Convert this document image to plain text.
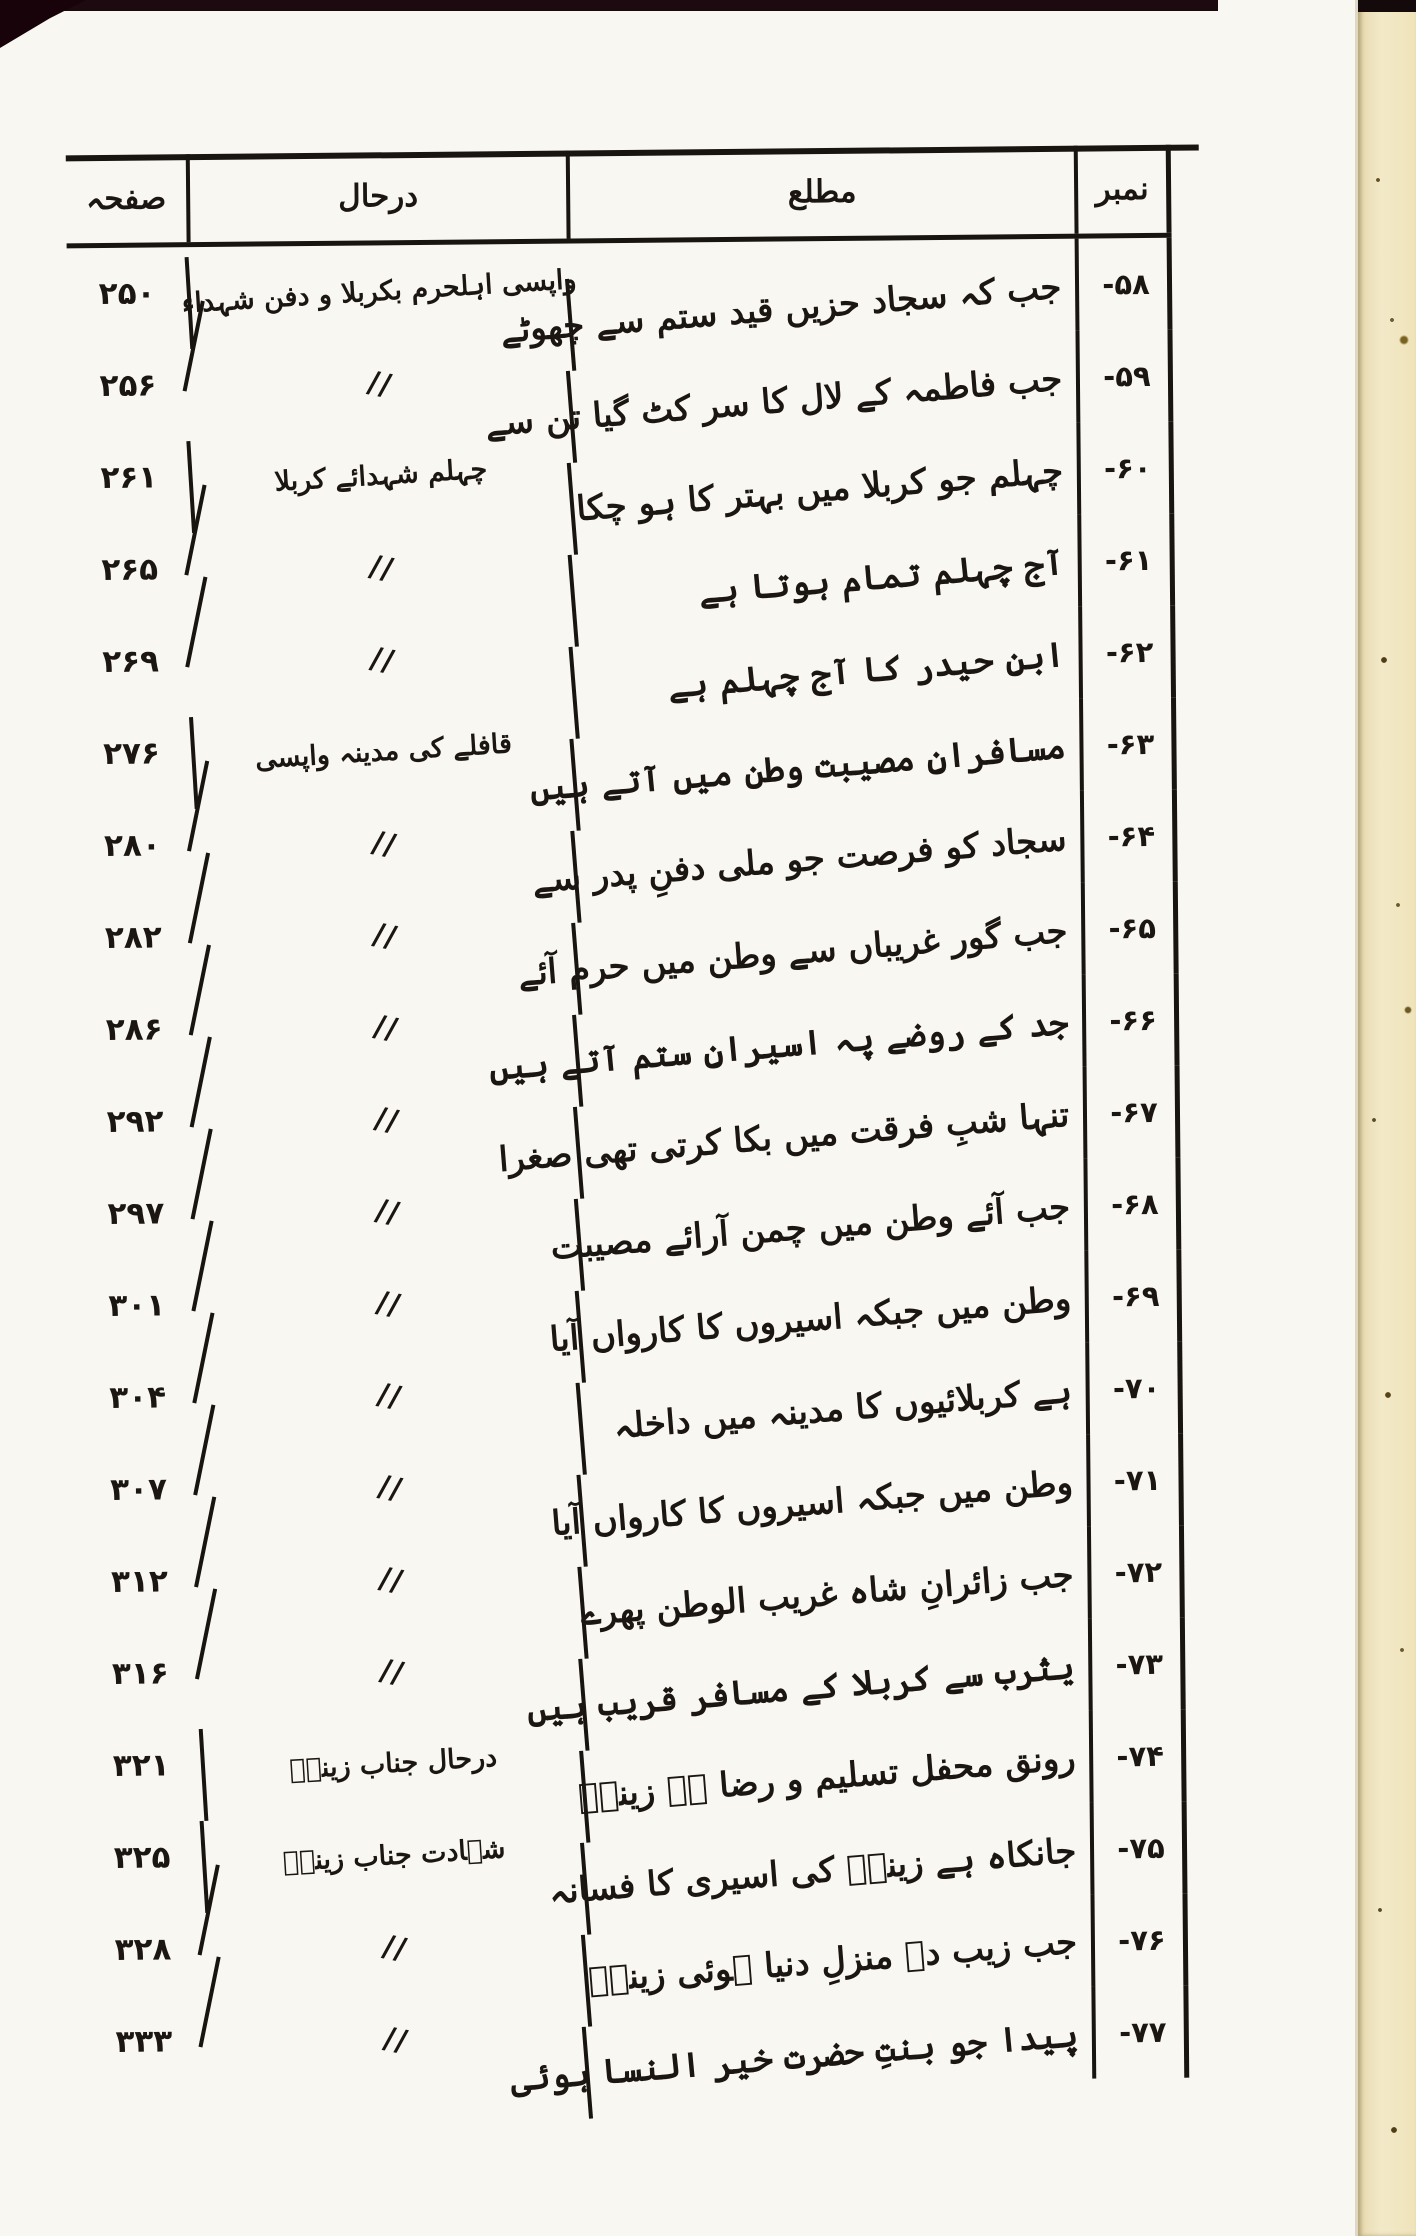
نمبر
مطلع
درحال
صفحہ
۵۸-
جب کہ سجاد حزیں قید ستم سے چھوٹے
واپسی اہلحرم بکربلا و دفن شہداء
۲۵۰
۵۹-
جب فاطمہ کے لال کا سر کٹ گیا تن سے
//
۲۵۶
۶۰-
چہلم جو کربلا میں بہتر کا ہو چکا
چہلم شہدائے کربلا
۲۶۱
۶۱-
آج چہلم تمام ہوتا ہے
//
۲۶۵
۶۲-
ابنِ حیدر کا آج چہلم ہے
//
۲۶۹
۶۳-
مسافرانِ مصیبت وطن میں آتے ہیں
قافلے کی مدینہ واپسی
۲۷۶
۶۴-
سجاد کو فرصت جو ملی دفنِ پدر سے
//
۲۸۰
۶۵-
جب گور غریباں سے وطن میں حرم آئے
//
۲۸۲
۶۶-
جد کے روضے پہ اسیرانِ ستم آتے ہیں
//
۲۸۶
۶۷-
تنہا شبِ فرقت میں بکا کرتی تھی صغرا
//
۲۹۲
۶۸-
جب آئے وطن میں چمن آرائے مصیبت
//
۲۹۷
۶۹-
وطن میں جبکہ اسیروں کا کارواں آیا
//
۳۰۱
۷۰-
ہے کربلائیوں کا مدینہ میں داخلہ
//
۳۰۴
۷۱-
وطن میں جبکہ اسیروں کا کارواں آیا
//
۳۰۷
۷۲-
جب زائرانِ شاہ غریب الوطن پھرے
//
۳۱۲
۷۳-
یثرب سے کربلا کے مسافر قریب ہیں
//
۳۱۶
۷۴-
رونق محفل تسلیم و رضا ہے زینبؑ
درحال جناب زینبؑ
۳۲۱
۷۵-
جانکاہ ہے زینبؑ کی اسیری کا فسانہ
شہادت جناب زینبؑ
۳۲۵
۷۶-
جب زیب دہ منزلِ دنیا ہوئی زینبؑ
//
۳۲۸
۷۷-
پیدا جو بنتِ حضرت خیر النسا ہوئی
//
۳۳۳
